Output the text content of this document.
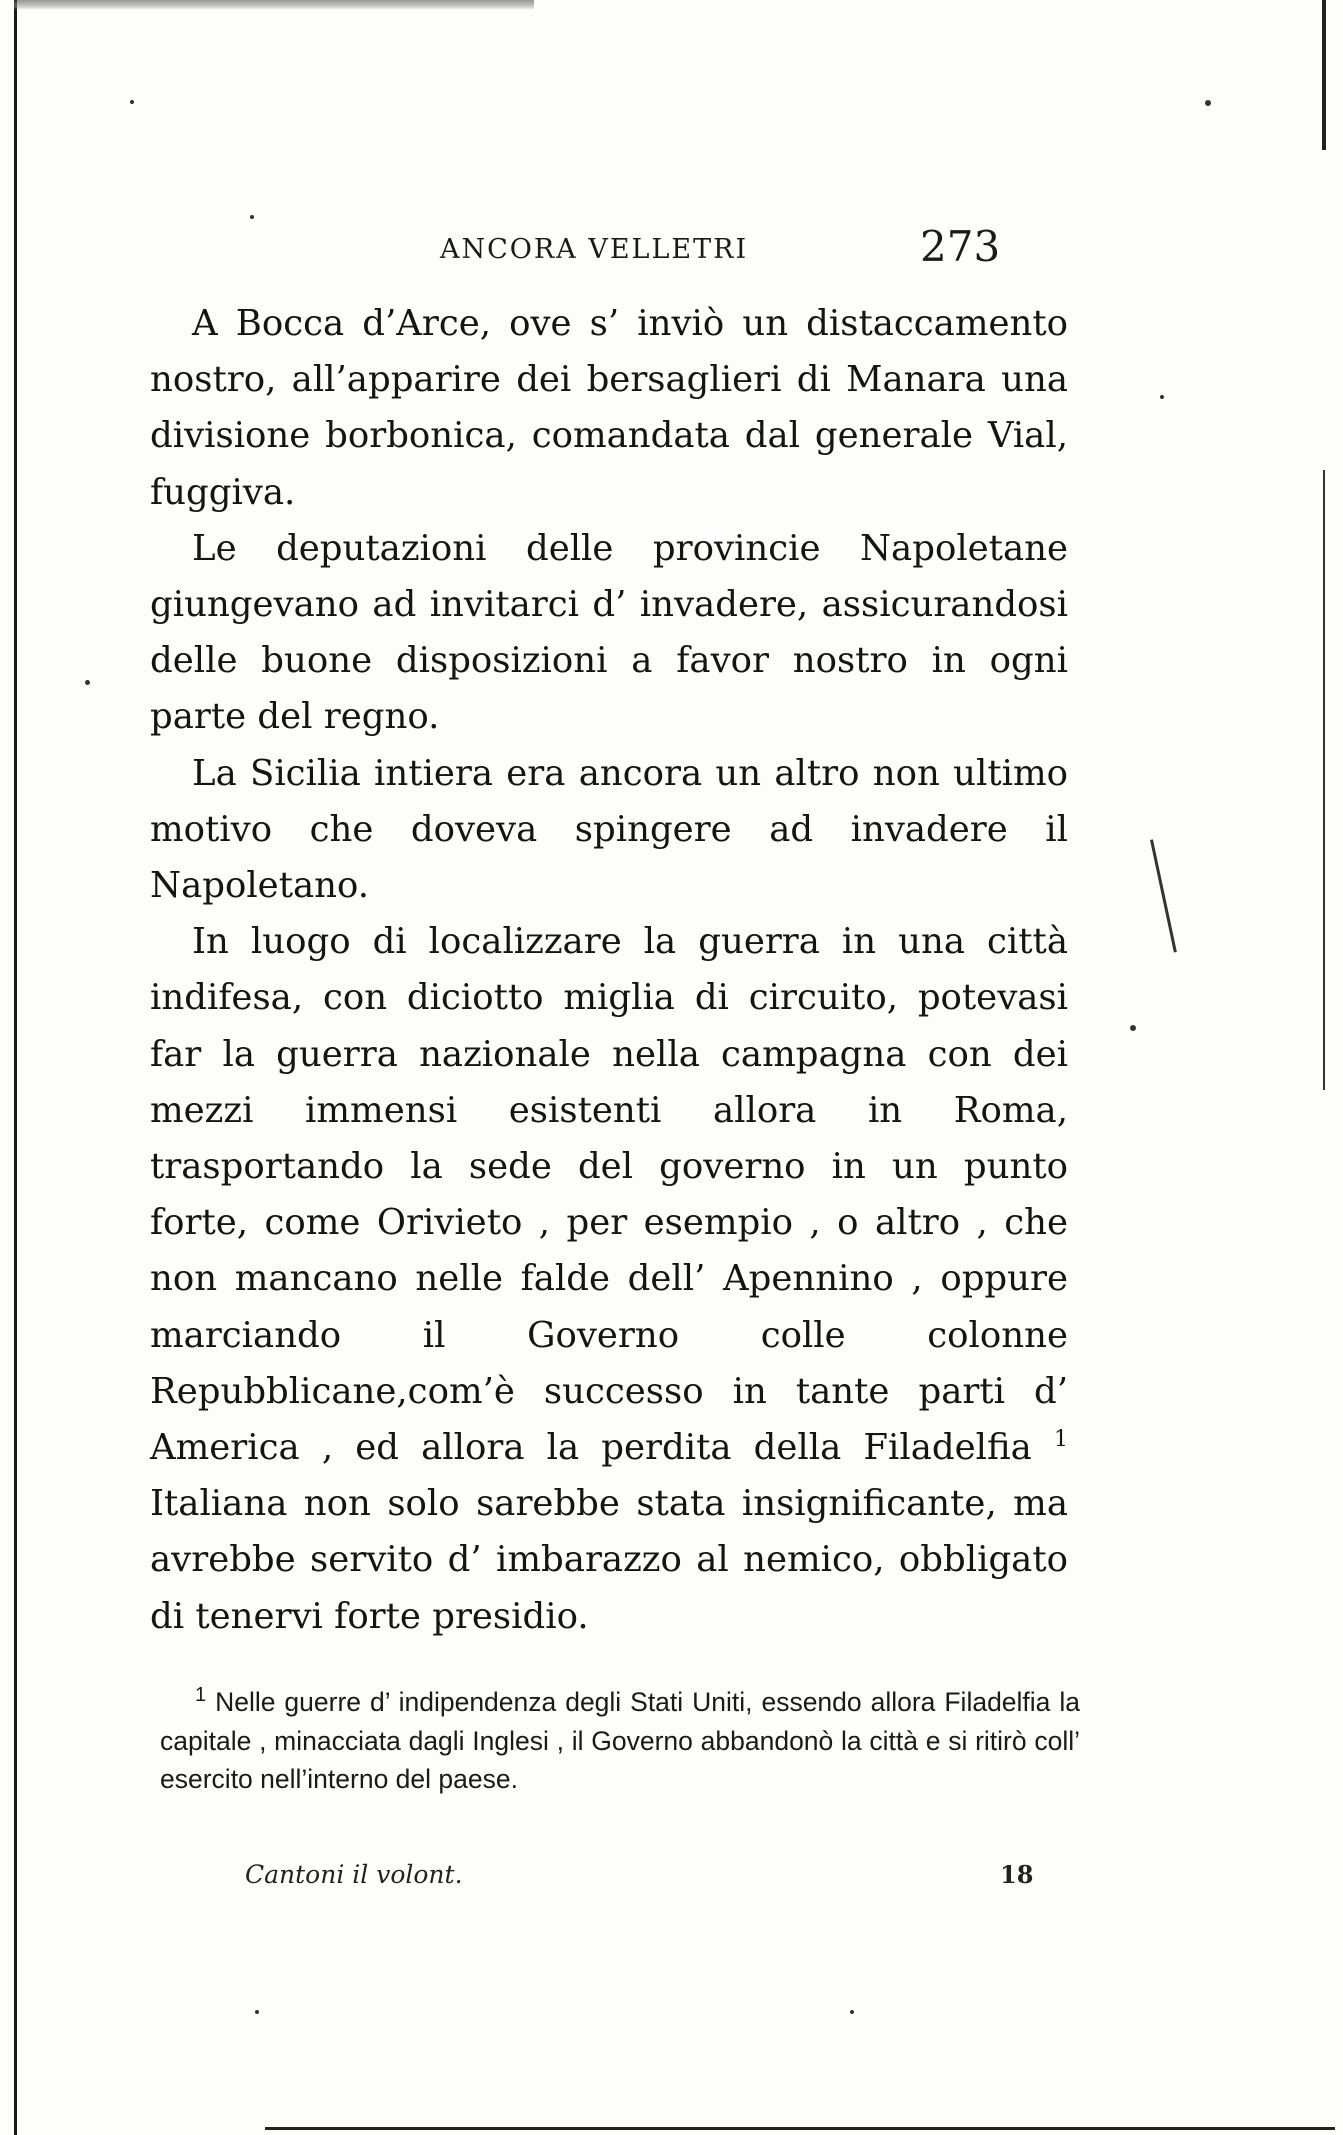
ANCORA VELLETRI	273

A Bocca d’Arce, ove s’ inviò un distaccamento nostro, all’apparire dei bersaglieri di Manara una divisione borbonica, comandata dal generale Vial, fuggiva.

Le deputazioni delle provincie Napoletane giungevano ad invitarci d’ invadere, assicurandosi delle buone disposizioni a favor nostro in ogni parte del regno.

La Sicilia intiera era ancora un altro non ultimo motivo che doveva spingere ad invadere il Napoletano.

In luogo di localizzare la guerra in una città indifesa, con diciotto miglia di circuito, potevasi far la guerra nazionale nella campagna con dei mezzi immensi esistenti allora in Roma, trasportando la sede del governo in un punto forte, come Orivieto , per esempio , o altro , che non mancano nelle falde dell’ Apennino , oppure marciando il Governo colle colonne Repubblicane,com’è successo in tante parti d’ America , ed allora la perdita della Filadelfia $^1$ Italiana non solo sarebbe stata insignificante, ma avrebbe servito d’ imbarazzo al nemico, obbligato di tenervi forte presidio.

$^1$ Nelle guerre d’ indipendenza degli Stati Uniti, essendo allora Filadelfia la capitale , minacciata dagli Inglesi , il Governo abbandonò la città e si ritirò coll’ esercito nell’interno del paese.

Cantoni il volont.	18
